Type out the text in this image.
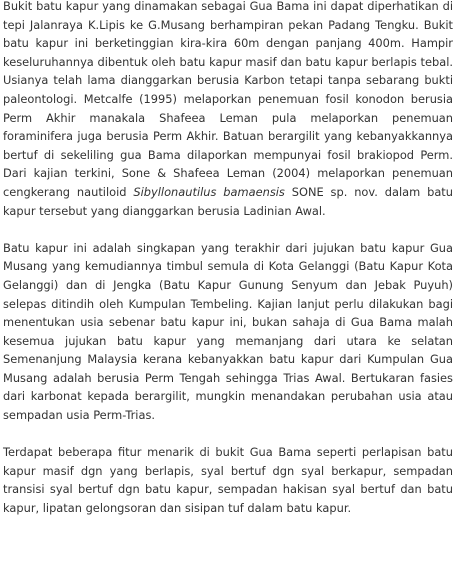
Bukit batu kapur yang dinamakan sebagai Gua Bama ini dapat diperhatikan di tepi Jalanraya K.Lipis ke G.Musang berhampiran pekan Padang Tengku. Bukit batu kapur ini berketinggian kira-kira 60m dengan panjang 400m. Hampir keseluruhannya dibentuk oleh batu kapur masif dan batu kapur berlapis tebal. Usianya telah lama dianggarkan berusia Karbon tetapi tanpa sebarang bukti paleontologi. Metcalfe (1995) melaporkan penemuan fosil konodon berusia Perm Akhir manakala Shafeea Leman pula melaporkan penemuan foraminifera juga berusia Perm Akhir. Batuan berargilit yang kebanyakkannya bertuf di sekeliling gua Bama dilaporkan mempunyai fosil brakiopod Perm. Dari kajian terkini, Sone & Shafeea Leman (2004) melaporkan penemuan cengkerang nautiloid Sibyllonautilus bamaensis SONE sp. nov. dalam batu kapur tersebut yang dianggarkan berusia Ladinian Awal.

Batu kapur ini adalah singkapan yang terakhir dari jujukan batu kapur Gua Musang yang kemudiannya timbul semula di Kota Gelanggi (Batu Kapur Kota Gelanggi) dan di Jengka (Batu Kapur Gunung Senyum dan Jebak Puyuh) selepas ditindih oleh Kumpulan Tembeling. Kajian lanjut perlu dilakukan bagi menentukan usia sebenar batu kapur ini, bukan sahaja di Gua Bama malah kesemua jujukan batu kapur yang memanjang dari utara ke selatan Semenanjung Malaysia kerana kebanyakkan batu kapur dari Kumpulan Gua Musang adalah berusia Perm Tengah sehingga Trias Awal. Bertukaran fasies dari karbonat kepada berargilit, mungkin menandakan perubahan usia atau sempadan usia Perm-Trias.

Terdapat beberapa fitur menarik di bukit Gua Bama seperti perlapisan batu kapur masif dgn yang berlapis, syal bertuf dgn syal berkapur, sempadan transisi syal bertuf dgn batu kapur, sempadan hakisan syal bertuf dan batu kapur, lipatan gelongsoran dan sisipan tuf dalam batu kapur.
